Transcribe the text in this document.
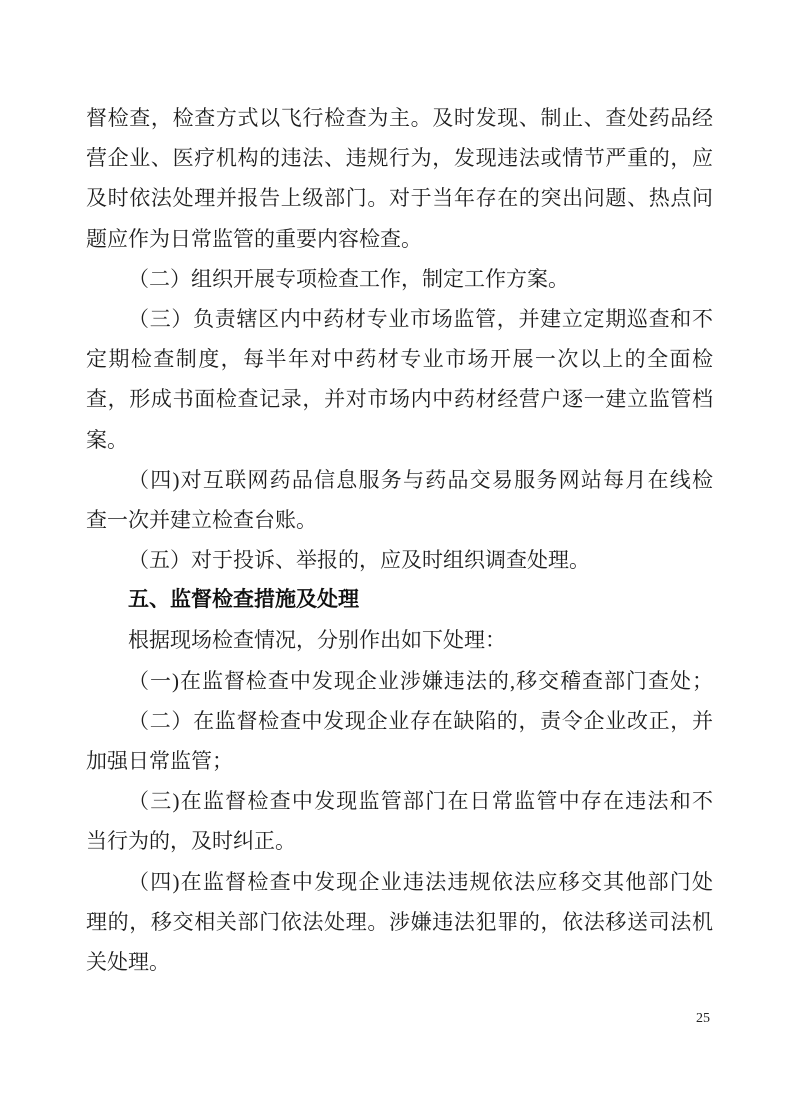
督检查，检查方式以飞行检查为主。及时发现、制止、查处药品经
营企业、医疗机构的违法、违规行为，发现违法或情节严重的，应
及时依法处理并报告上级部门。对于当年存在的突出问题、热点问
题应作为日常监管的重要内容检查。
（二）组织开展专项检查工作，制定工作方案。
（三）负责辖区内中药材专业市场监管，并建立定期巡查和不
定期检查制度，每半年对中药材专业市场开展一次以上的全面检
查，形成书面检查记录，并对市场内中药材经营户逐一建立监管档
案。
（四)对互联网药品信息服务与药品交易服务网站每月在线检
查一次并建立检查台账。
（五）对于投诉、举报的，应及时组织调查处理。
五、监督检查措施及处理
根据现场检查情况，分别作出如下处理：
（一)在监督检查中发现企业涉嫌违法的,移交稽查部门查处；
（二）在监督检查中发现企业存在缺陷的，责令企业改正，并
加强日常监管；
（三)在监督检查中发现监管部门在日常监管中存在违法和不
当行为的，及时纠正。
（四)在监督检查中发现企业违法违规依法应移交其他部门处
理的，移交相关部门依法处理。涉嫌违法犯罪的，依法移送司法机
关处理。
25
